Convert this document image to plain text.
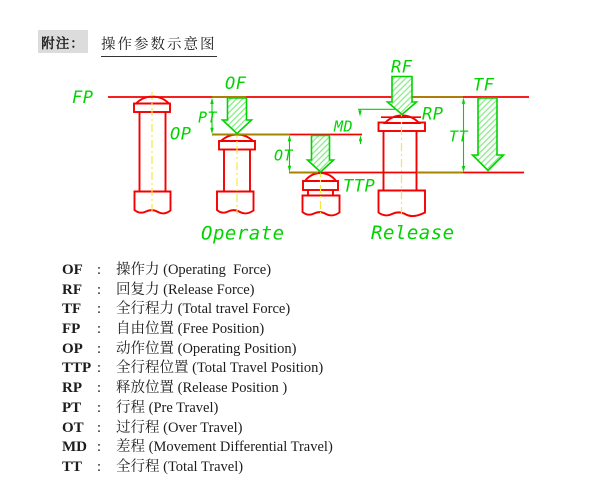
附注： 操作参数示意图
FP
OF
RF
TF
PT
OP	MD
RP
OT
TT
TTP
Operate	Release
OF :	操作力 (Operating  Force)
RF	:	回复力 (Release Force)
TF	:	全行程力 (Total travel Force)
FP	:	自由位置 (Free Position)
OP :	动作位置 (Operating Position)
TTP :	全行程位置 (Total Travel Position)
RP	:	释放位置 (Release Position )
PT	:	行程 (Pre Travel)
OT :	过行程 (Over Travel)
MD :	差程 (Movement Differential Travel)
TT	:	全行程 (Total Travel)
